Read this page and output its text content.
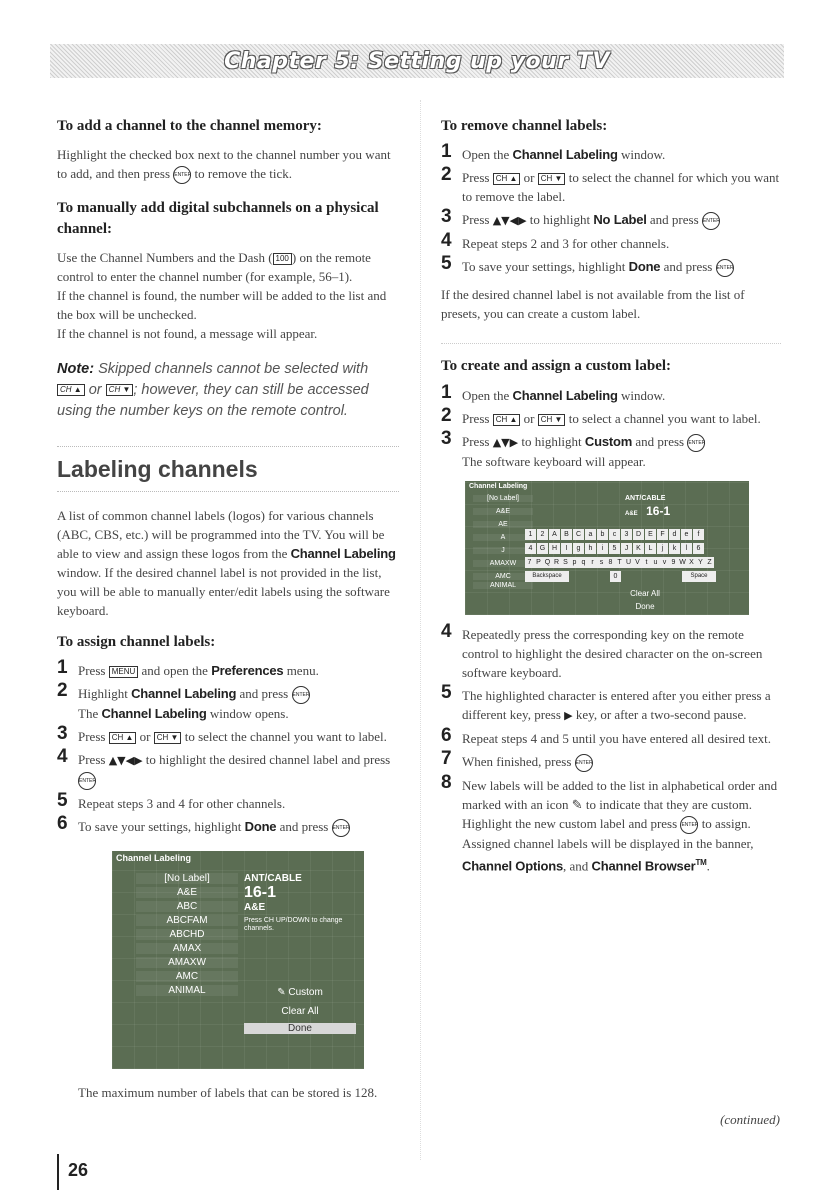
Chapter 5: Setting up your TV
To add a channel to the channel memory:

Highlight the checked box next to the channel number you want to add, and then press ENTER to remove the tick.

To manually add digital subchannels on a physical channel:

Use the Channel Numbers and the Dash ( 100 ) on the remote control to enter the channel number (for example, 56–1).

If the channel is found, the number will be added to the list and the box will be unchecked.

If the channel is not found, a message will appear.

Note: Skipped channels cannot be selected with CH ▲ or CH ▼ ; however, they can still be accessed using the number keys on the remote control.

Labeling channels

A list of common channel labels (logos) for various channels (ABC, CBS, etc.) will be programmed into the TV. You will be able to view and assign these logos from the Channel Labeling window. If the desired channel label is not provided in the list, you will be able to manually enter/edit labels using the software keyboard.

To assign channel labels:
1 Press MENU and open the Preferences menu.
2 Highlight Channel Labeling and press ENTER
The Channel Labeling window opens.
3 Press CH ▲ or CH ▼ to select the channel you want to label.
4 Press ▲▼◀▶ to highlight the desired channel label and press ENTER
5 Repeat steps 3 and 4 for other channels.
6 To save your settings, highlight Done and press ENTER
Channel Labeling
[No Label]
A&E
ABC
ABCFAM
ABCHD
AMAX
AMAXW
AMC
ANIMAL
ANT/CABLE
16-1
A&E
Press CH UP/DOWN to change channels.
✎ Custom
Clear All
Done

The maximum number of labels that can be stored is 128.

To remove channel labels:
1 Open the Channel Labeling window.
2 Press CH ▲ or CH ▼ to select the channel for which you want to remove the label.
3 Press ▲▼◀▶ to highlight No Label and press ENTER
4 Repeat steps 2 and 3 for other channels.
5 To save your settings, highlight Done and press ENTER

If the desired channel label is not available from the list of presets, you can create a custom label.

To create and assign a custom label:
1 Open the Channel Labeling window.
2 Press CH ▲ or CH ▼ to select a channel you want to label.
3 Press ▲▼▶ to highlight Custom and press ENTER
The software keyboard will appear.
Channel Labeling
[No Label]
A&E
AE
A
J
AMAXW
AMC
ANIMAL
ANT/CABLE
A&E 16-1
1	2	A	B	C	a	b	c	3	D	E	F	d	e	f
4	G H	I	g	h	i	5	J	K	L	j	k	l	6
7 P Q R S p q r s 8 T U V t u v 9 W X Y Z
Backspace	0	Space
Clear All
Done
4 Repeatedly press the corresponding key on the remote control to highlight the desired character on the on-screen software keyboard.
5 The highlighted character is entered after you either press a different key, press ▶ key, or after a two-second pause.
6 Repeat steps 4 and 5 until you have entered all desired text.
7 When finished, press ENTER
8 New labels will be added to the list in alphabetical order and marked with an icon ✎ to indicate that they are custom. Highlight the new custom label and press ENTER to assign.
Assigned channel labels will be displayed in the banner, Channel Options, and Channel Browser™.
(continued)
26
